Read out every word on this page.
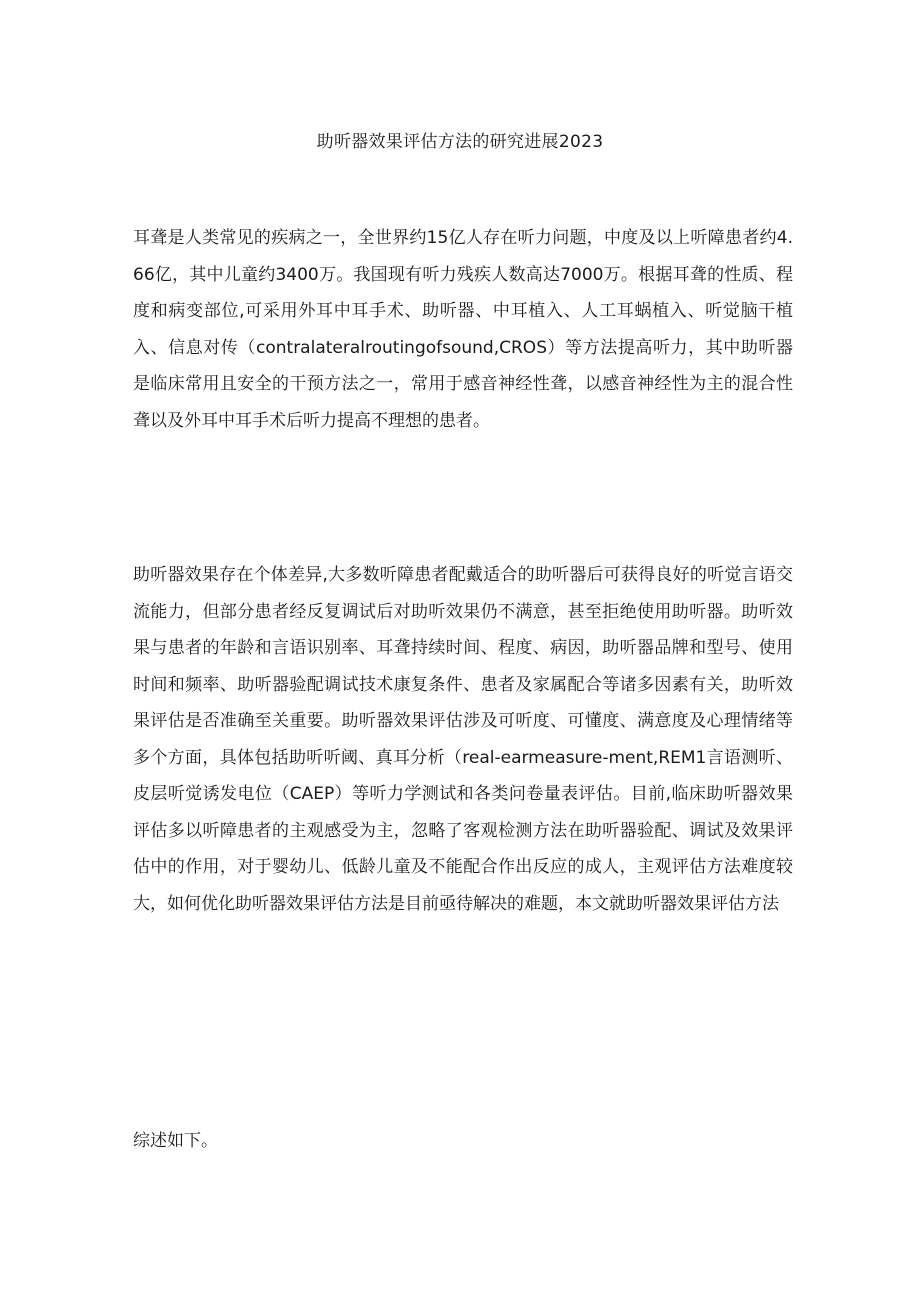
助听器效果评估方法的研究进展2023

耳聋是人类常见的疾病之一，全世界约15亿人存在听力问题，中度及以上听障患者约4.66亿，其中儿童约3400万。我国现有听力残疾人数高达7000万。根据耳聋的性质、程度和病变部位,可采用外耳中耳手术、助听器、中耳植入、人工耳蜗植入、听觉脑干植入、信息对传（contralateralroutingofsound,CROS）等方法提高听力，其中助听器是临床常用且安全的干预方法之一，常用于感音神经性聋，以感音神经性为主的混合性聋以及外耳中耳手术后听力提高不理想的患者。

助听器效果存在个体差异,大多数听障患者配戴适合的助听器后可获得良好的听觉言语交流能力，但部分患者经反复调试后对助听效果仍不满意，甚至拒绝使用助听器。助听效果与患者的年龄和言语识别率、耳聋持续时间、程度、病因，助听器品牌和型号、使用时间和频率、助听器验配调试技术康复条件、患者及家属配合等诸多因素有关，助听效果评估是否准确至关重要。助听器效果评估涉及可听度、可懂度、满意度及心理情绪等多个方面，具体包括助听听阈、真耳分析（real-earmeasure-ment,REM1言语测听、皮层听觉诱发电位（CAEP）等听力学测试和各类问卷量表评估。目前,临床助听器效果评估多以听障患者的主观感受为主，忽略了客观检测方法在助听器验配、调试及效果评估中的作用，对于婴幼儿、低龄儿童及不能配合作出反应的成人，主观评估方法难度较大，如何优化助听器效果评估方法是目前亟待解决的难题，本文就助听器效果评估方法

综述如下。
